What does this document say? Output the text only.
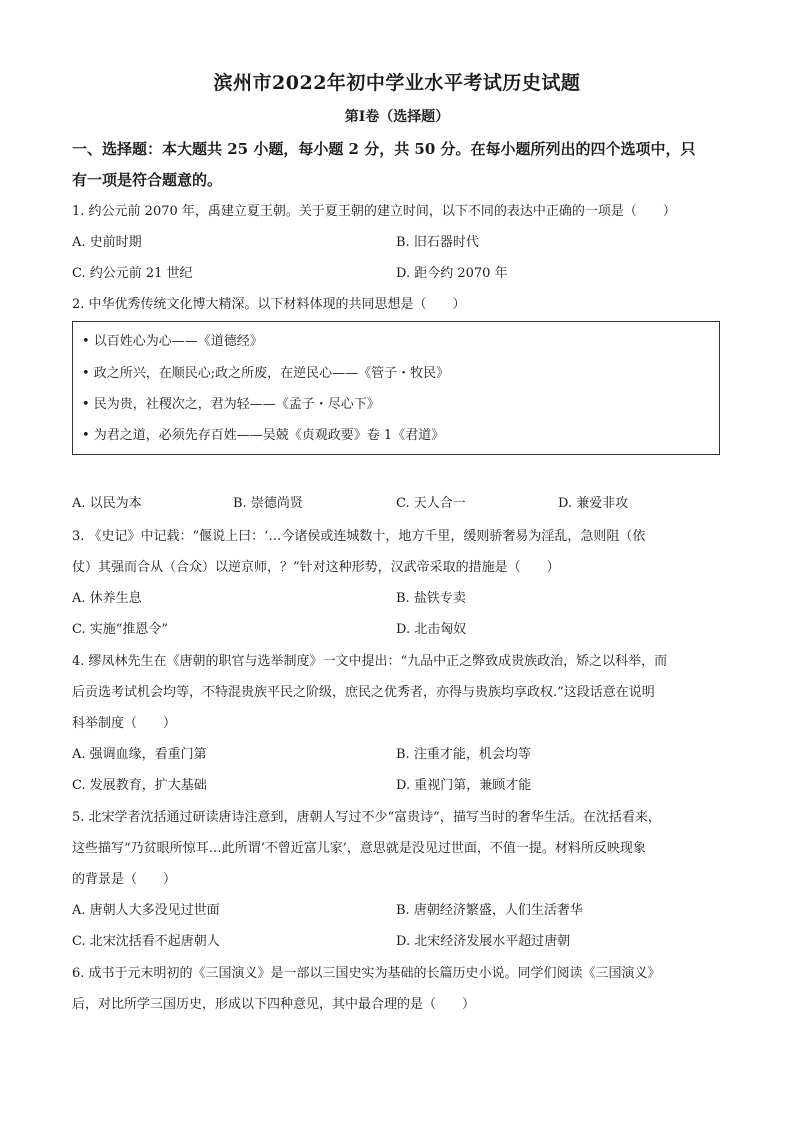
滨州市2022年初中学业水平考试历史试题
第I卷（选择题）
一、选择题：本大题共 25 小题，每小题 2 分，共 50 分。在每小题所列出的四个选项中，只
有一项是符合题意的。
1. 约公元前 2070 年，禹建立夏王朝。关于夏王朝的建立时间，以下不同的表达中正确的一项是（　　）
A. 史前时期	B. 旧石器时代
C. 约公元前 21 世纪	D. 距今约 2070 年
2. 中华优秀传统文化博大精深。以下材料体现的共同思想是（　　）
• 以百姓心为心——《道德经》
• 政之所兴，在顺民心;政之所废，在逆民心——《管子・牧民》
• 民为贵，社稷次之，君为轻——《孟子・尽心下》
• 为君之道，必须先存百姓——吴兢《贞观政要》卷 1《君道》
A. 以民为本	B. 崇德尚贤	C. 天人合一	D. 兼爱非攻
3. 《史记》中记载：“偃说上曰：‘…今诸侯或连城数十，地方千里，缓则骄奢易为淫乱，急则阻（依
仗）其强而合从（合众）以逆京师，？”针对这种形势，汉武帝采取的措施是（　　）
A. 休养生息	B. 盐铁专卖
C. 实施“推恩令”	D. 北击匈奴
4. 缪凤林先生在《唐朝的职官与选举制度》一文中提出：“九品中正之弊致成贵族政治，矫之以科举，而
后贡选考试机会均等，不特混贵族平民之阶级，庶民之优秀者，亦得与贵族均享政权.”这段话意在说明
科举制度（　　）
A. 强调血缘，看重门第	B. 注重才能，机会均等
C. 发展教育，扩大基础	D. 重视门第，兼顾才能
5. 北宋学者沈括通过研读唐诗注意到，唐朝人写过不少“富贵诗”，描写当时的奢华生活。在沈括看来，
这些描写“乃贫眼所惊耳…此所谓‘不曾近富儿家’，意思就是没见过世面，不值一提。材料所反映现象
的背景是（　　）
A. 唐朝人大多没见过世面	B. 唐朝经济繁盛，人们生活奢华
C. 北宋沈括看不起唐朝人	D. 北宋经济发展水平超过唐朝
6. 成书于元末明初的《三国演义》是一部以三国史实为基础的长篇历史小说。同学们阅读《三国演义》
后，对比所学三国历史，形成以下四种意见，其中最合理的是（　　）
